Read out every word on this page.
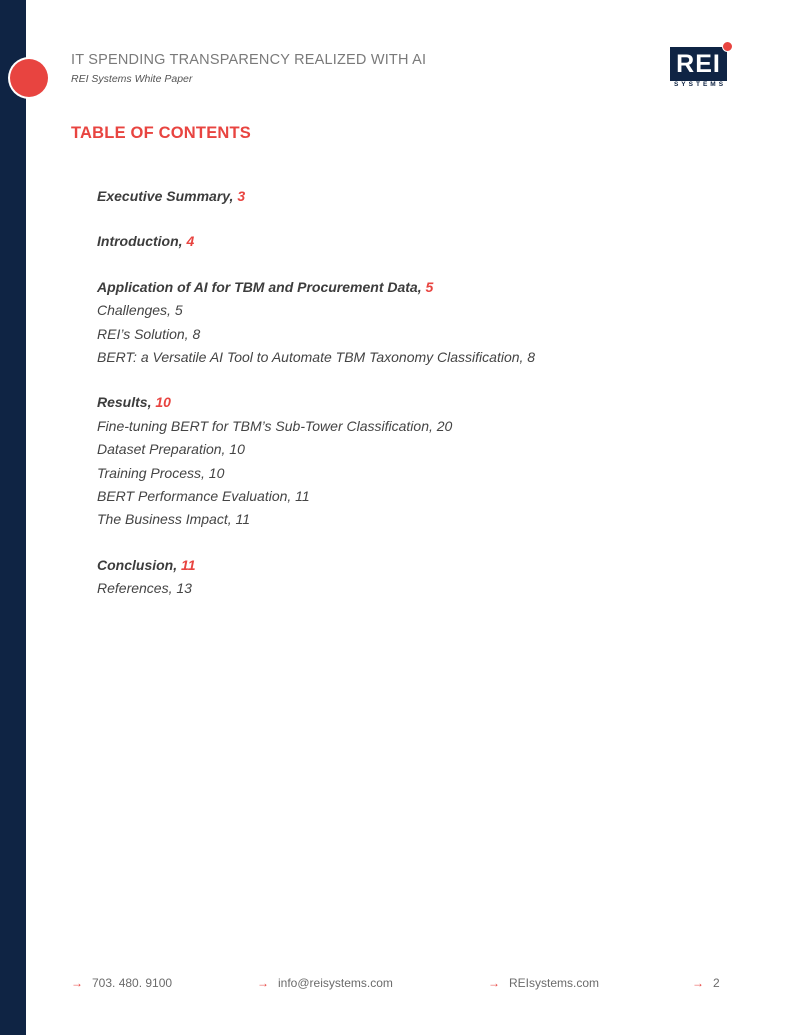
IT SPENDING TRANSPARENCY REALIZED WITH AI
REI Systems White Paper
REI
SYSTEMS
TABLE OF CONTENTS
Executive Summary, 3
Introduction, 4
Application of AI for TBM and Procurement Data, 5
Challenges, 5
REI’s Solution, 8
BERT: a Versatile AI Tool to Automate TBM Taxonomy Classification, 8
Results, 10
Fine-tuning BERT for TBM’s Sub-Tower Classification, 20
Dataset Preparation, 10
Training Process, 10
BERT Performance Evaluation, 11
The Business Impact, 11
Conclusion, 11
References, 13
→ 703. 480. 9100	→ info@reisystems.com	→ REIsystems.com	→ 2
